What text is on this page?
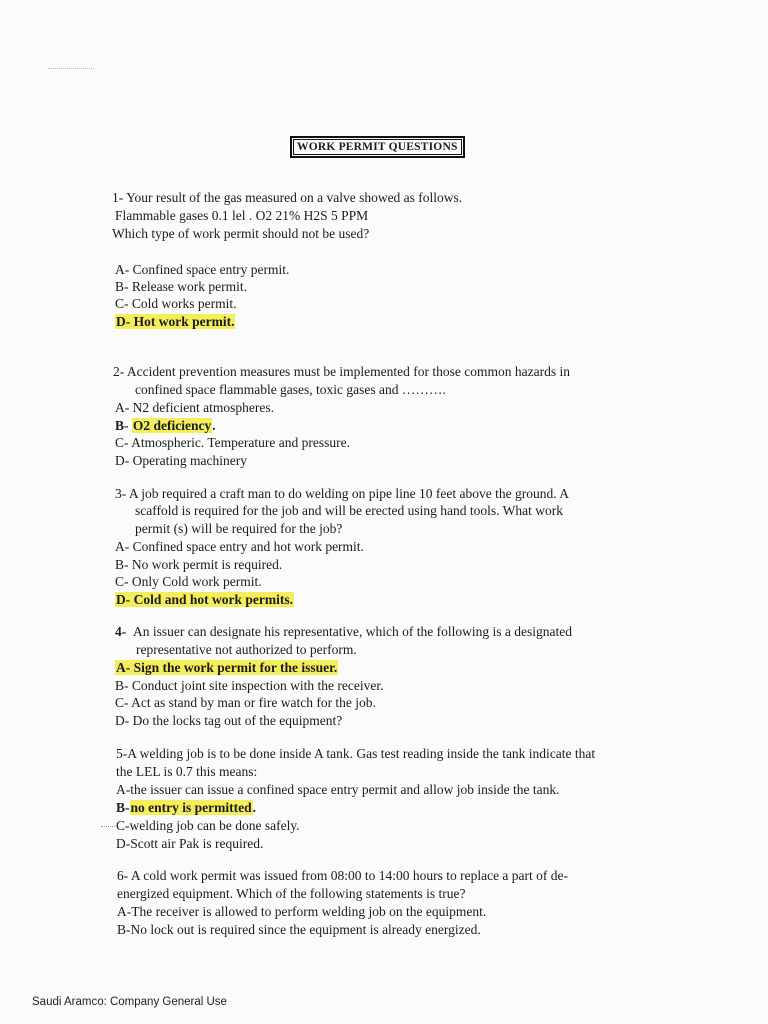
WORK PERMIT QUESTIONS
1- Your result of the gas measured on a valve showed as follows.
Flammable gases 0.1 lel . O2 21% H2S 5 PPM
Which type of work permit should not be used?
A- Confined space entry permit.
B- Release work permit.
C- Cold works permit.
D- Hot work permit.
2- Accident prevention measures must be implemented for those common hazards in
confined space flammable gases, toxic gases and ……….
A- N2 deficient atmospheres.
B- O2 deficiency.
C- Atmospheric. Temperature and pressure.
D- Operating machinery
3- A job required a craft man to do welding on pipe line 10 feet above the ground. A
scaffold is required for the job and will be erected using hand tools. What work
permit (s) will be required for the job?
A- Confined space entry and hot work permit.
B- No work permit is required.
C- Only Cold work permit.
D- Cold and hot work permits.
4- An issuer can designate his representative, which of the following is a designated
representative not authorized to perform.
A- Sign the work permit for the issuer.
B- Conduct joint site inspection with the receiver.
C- Act as stand by man or fire watch for the job.
D- Do the locks tag out of the equipment?
5-A welding job is to be done inside A tank. Gas test reading inside the tank indicate that
the LEL is 0.7 this means:
A-the issuer can issue a confined space entry permit and allow job inside the tank.
B-no entry is permitted.
C-welding job can be done safely.
D-Scott air Pak is required.
6- A cold work permit was issued from 08:00 to 14:00 hours to replace a part of de-
energized equipment. Which of the following statements is true?
A-The receiver is allowed to perform welding job on the equipment.
B-No lock out is required since the equipment is already energized.
Saudi Aramco: Company General Use
